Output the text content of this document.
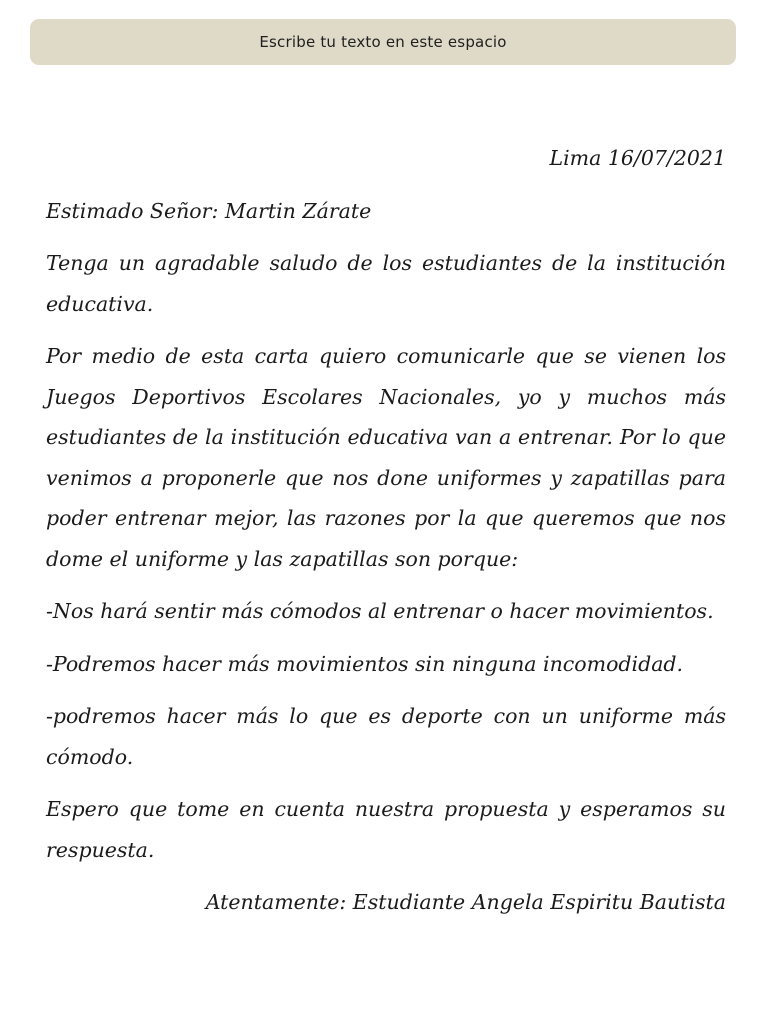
Escribe tu texto en este espacio

Lima 16/07/2021

Estimado Señor: Martin Zárate

Tenga un agradable saludo de los estudiantes de la institución educativa.

Por medio de esta carta quiero comunicarle que se vienen los Juegos Deportivos Escolares Nacionales, yo y muchos más estudiantes de la institución educativa van a entrenar. Por lo que venimos a proponerle que nos done uniformes y zapatillas para poder entrenar mejor, las razones por la que queremos que nos dome el uniforme y las zapatillas son porque:

-Nos hará sentir más cómodos al entrenar o hacer movimientos.

-Podremos hacer más movimientos sin ninguna incomodidad.

-podremos hacer más lo que es deporte con un uniforme más cómodo.

Espero que tome en cuenta nuestra propuesta y esperamos su respuesta.

Atentamente: Estudiante Angela Espiritu Bautista
